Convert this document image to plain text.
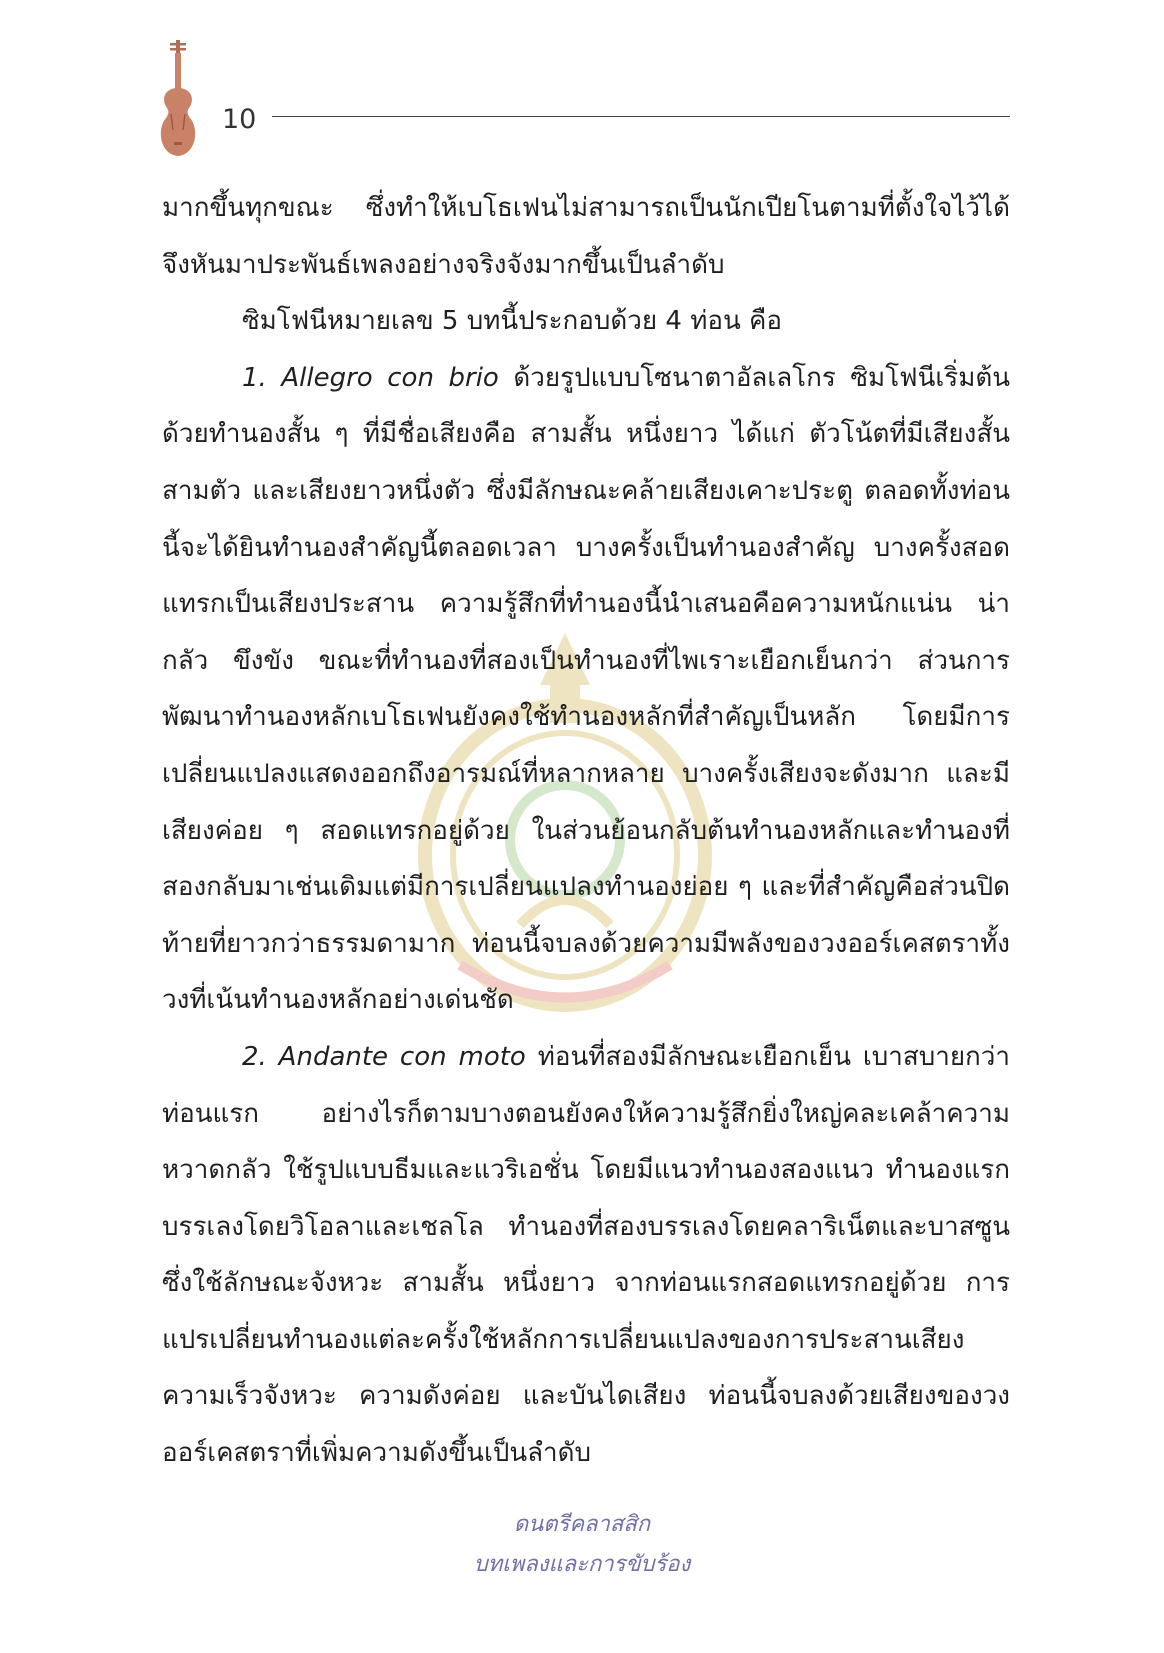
10

มากขึ้นทุกขณะ ซึ่งทำให้เบโธเฟนไม่สามารถเป็นนักเปียโนตามที่ตั้งใจไว้ได้ จึงหันมาประพันธ์เพลงอย่างจริงจังมากขึ้นเป็นลำดับ

ซิมโฟนีหมายเลข 5 บทนี้ประกอบด้วย 4 ท่อน คือ

1. Allegro con brio ด้วยรูปแบบโซนาตาอัลเลโกร ซิมโฟนีเริ่มต้นด้วยทำนองสั้น ๆ ที่มีชื่อเสียงคือ สามสั้น หนึ่งยาว ได้แก่ ตัวโน้ตที่มีเสียงสั้นสามตัว และเสียงยาวหนึ่งตัว ซึ่งมีลักษณะคล้ายเสียงเคาะประตู ตลอดทั้งท่อนนี้จะได้ยินทำนองสำคัญนี้ตลอดเวลา บางครั้งเป็นทำนองสำคัญ บางครั้งสอดแทรกเป็นเสียงประสาน ความรู้สึกที่ทำนองนี้นำเสนอคือความหนักแน่น น่ากลัว ขึงขัง ขณะที่ทำนองที่สองเป็นทำนองที่ไพเราะเยือกเย็นกว่า ส่วนการพัฒนาทำนองหลักเบโธเฟนยังคงใช้ทำนองหลักที่สำคัญเป็นหลัก โดยมีการเปลี่ยนแปลงแสดงออกถึงอารมณ์ที่หลากหลาย บางครั้งเสียงจะดังมาก และมีเสียงค่อย ๆ สอดแทรกอยู่ด้วย ในส่วนย้อนกลับต้นทำนองหลักและทำนองที่สองกลับมาเช่นเดิมแต่มีการเปลี่ยนแปลงทำนองย่อย ๆ และที่สำคัญคือส่วนปิดท้ายที่ยาวกว่าธรรมดามาก ท่อนนี้จบลงด้วยความมีพลังของวงออร์เคสตราทั้งวงที่เน้นทำนองหลักอย่างเด่นชัด

2. Andante con moto ท่อนที่สองมีลักษณะเยือกเย็น เบาสบายกว่าท่อนแรก อย่างไรก็ตามบางตอนยังคงให้ความรู้สึกยิ่งใหญ่คละเคล้าความหวาดกลัว ใช้รูปแบบธีมและแวริเอชั่น โดยมีแนวทำนองสองแนว ทำนองแรกบรรเลงโดยวิโอลาและเชลโล ทำนองที่สองบรรเลงโดยคลาริเน็ตและบาสซูน ซึ่งใช้ลักษณะจังหวะ สามสั้น หนึ่งยาว จากท่อนแรกสอดแทรกอยู่ด้วย การแปรเปลี่ยนทำนองแต่ละครั้งใช้หลักการเปลี่ยนแปลงของการประสานเสียง ความเร็วจังหวะ ความดังค่อย และบันไดเสียง ท่อนนี้จบลงด้วยเสียงของวงออร์เคสตราที่เพิ่มความดังขึ้นเป็นลำดับ

ดนตรีคลาสสิก
บทเพลงและการขับร้อง
